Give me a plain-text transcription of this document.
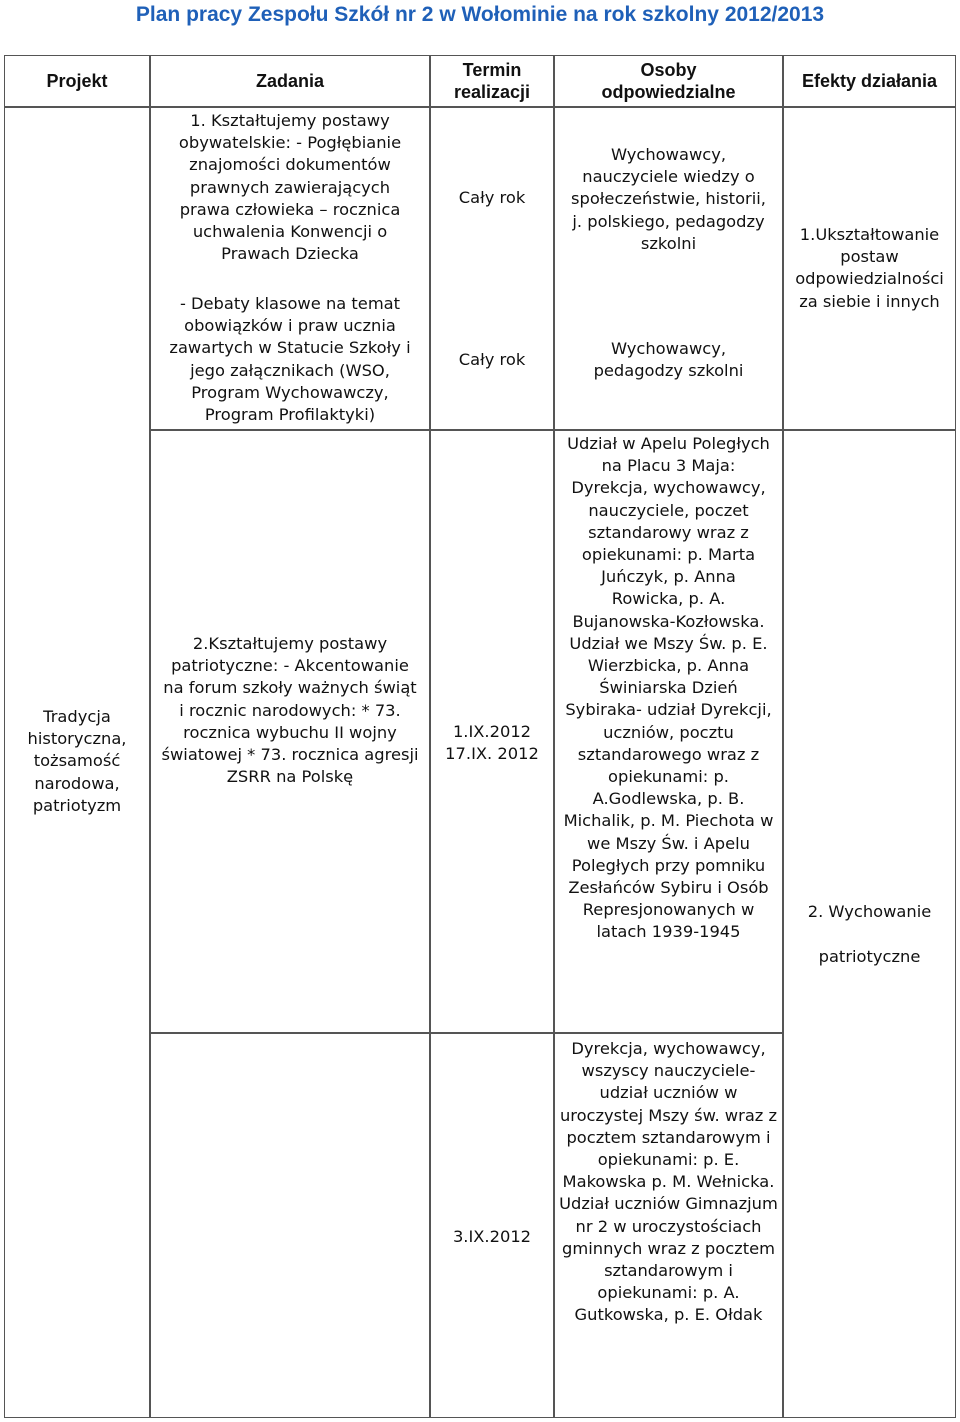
Plan pracy Zespołu Szkół nr 2 w Wołominie na rok szkolny 2012/2013
Projekt	Zadania
Termin realizacji
Osoby odpowiedzialne
Efekty działania
Tradycja historyczna, tożsamość narodowa, patriotyzm
1. Kształtujemy postawy obywatelskie: - Pogłębianie znajomości dokumentów prawnych zawierających prawa człowieka – rocznica uchwalenia Konwencji o Prawach Dziecka
- Debaty klasowe na temat obowiązków i praw ucznia zawartych w Statucie Szkoły i jego załącznikach (WSO, Program Wychowawczy, Program Profilaktyki)
2.Kształtujemy postawy patriotyczne: - Akcentowanie na forum szkoły ważnych świąt i rocznic narodowych: * 73. rocznica wybuchu II wojny światowej * 73. rocznica agresji ZSRR na Polskę
Cały rok
Cały rok
1.IX.2012
17.IX. 2012
3.IX.2012
Wychowawcy, nauczyciele wiedzy o społeczeństwie, historii, j. polskiego, pedagodzy szkolni
Wychowawcy, pedagodzy szkolni
Udział w Apelu Poległych na Placu 3 Maja: Dyrekcja, wychowawcy, nauczyciele, poczet sztandarowy wraz z opiekunami: p. Marta Juńczyk, p. Anna Rowicka, p. A. Bujanowska-Kozłowska. Udział we Mszy Św. p. E. Wierzbicka, p. Anna Świniarska Dzień Sybiraka- udział Dyrekcji, uczniów, pocztu sztandarowego wraz z opiekunami: p. A.Godlewska, p. B. Michalik, p. M. Piechota w we Mszy Św. i Apelu Poległych przy pomniku Zesłańców Sybiru i Osób Represjonowanych w latach 1939-1945
Dyrekcja, wychowawcy, wszyscy nauczyciele- udział uczniów w uroczystej Mszy św. wraz z pocztem sztandarowym i opiekunami: p. E. Makowska p. M. Wełnicka. Udział uczniów Gimnazjum nr 2 w uroczystościach gminnych wraz z pocztem sztandarowym i opiekunami: p. A. Gutkowska, p. E. Ołdak
1.Ukształtowanie postaw odpowiedzialności za siebie i innych
2. Wychowanie
patriotyczne
